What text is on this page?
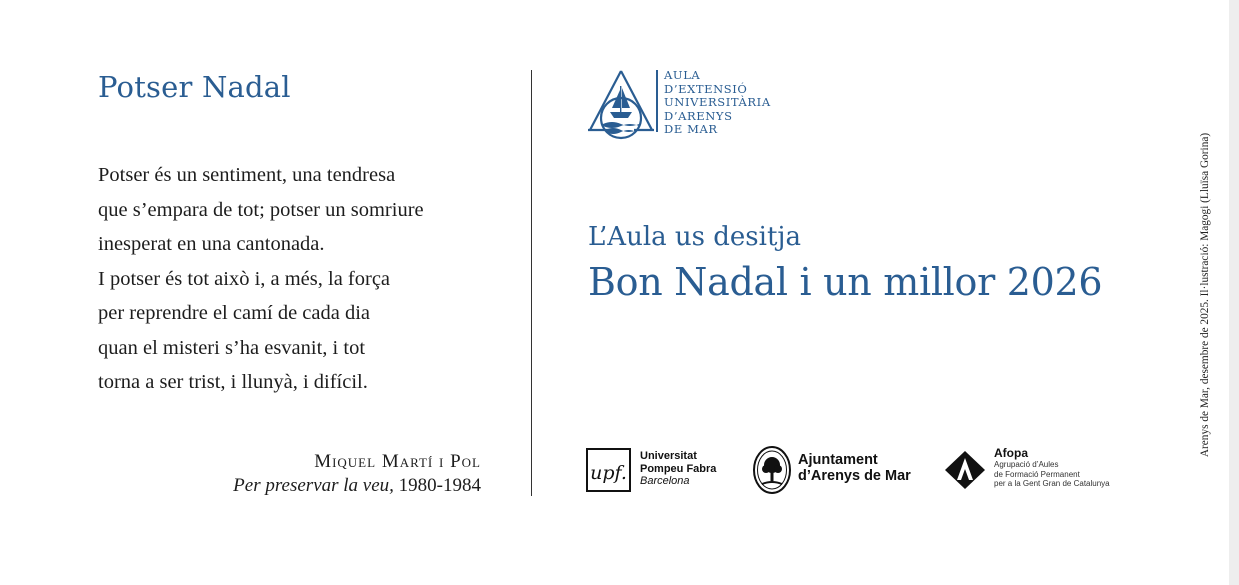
Potser Nadal
Potser és un sentiment, una tendresa
que s’empara de tot; potser un somriure
inesperat en una cantonada.
I potser és tot això i, a més, la força
per reprendre el camí de cada dia
quan el misteri s’ha esvanit, i tot
torna a ser trist, i llunyà, i difícil.
Miquel Martí i Pol
Per preservar la veu, 1980-1984
AULA
D’EXTENSIÓ
UNIVERSITÀRIA
D’ARENYS
DE MAR
L’Aula us desitja
Bon Nadal i un millor 2026
upf.
Universitat
Pompeu Fabra
Barcelona
Ajuntament
d’Arenys de Mar
Afopa
Agrupació d’Aules
de Formació Permanent
per a la Gent Gran de Catalunya
Arenys de Mar, desembre de 2025. Il·lustració: Magogi (Lluïsa Gorina)
